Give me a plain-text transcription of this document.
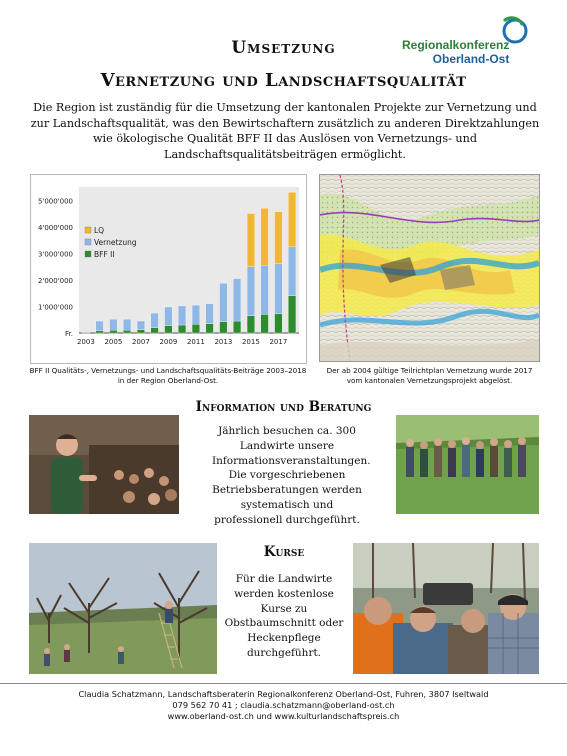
Umsetzung
Vernetzung und Landschaftsqualität
Regionalkonferenz
Oberland-Ost
Die Region ist zuständig für die Umsetzung der kantonalen Projekte zur Vernetzung und zur Landschaftsqualität, was den Bewirtschaftern zusätzlich zu anderen Direktzahlungen wie ökologische Qualität BFF II das Auslösen von Vernetzungs- und Landschaftsqualitätsbeiträgen ermöglicht.
Fr.
1'000'000
2'000'000
3'000'000
4'000'000
5'000'000
2003 2005 2007 2009 2011 2013 2015 2017
LQ
Vernetzung
BFF II
BFF II Qualitäts-, Vernetzungs- und Landschaftsqualitäts-Beiträge 2003–2018 in der Region Oberland-Ost.
Der ab 2004 gültige Teilrichtplan Vernetzung wurde 2017 vom kantonalen Vernetzungsprojekt abgelöst.
Information und Beratung
Jährlich besuchen ca. 300 Landwirte unsere Informationsveranstaltungen. Die vorgeschriebenen Betriebsberatungen werden systematisch und professionell durchgeführt.
Kurse
Für die Landwirte werden kostenlose Kurse zu Obstbaumschnitt oder Heckenpflege durchgeführt.
Claudia Schatzmann, Landschaftsberaterin Regionalkonferenz Oberland-Ost, Fuhren, 3807 Iseltwald
079 562 70 41 ; claudia.schatzmann@oberland-ost.ch
www.oberland-ost.ch und www.kulturlandschaftspreis.ch
